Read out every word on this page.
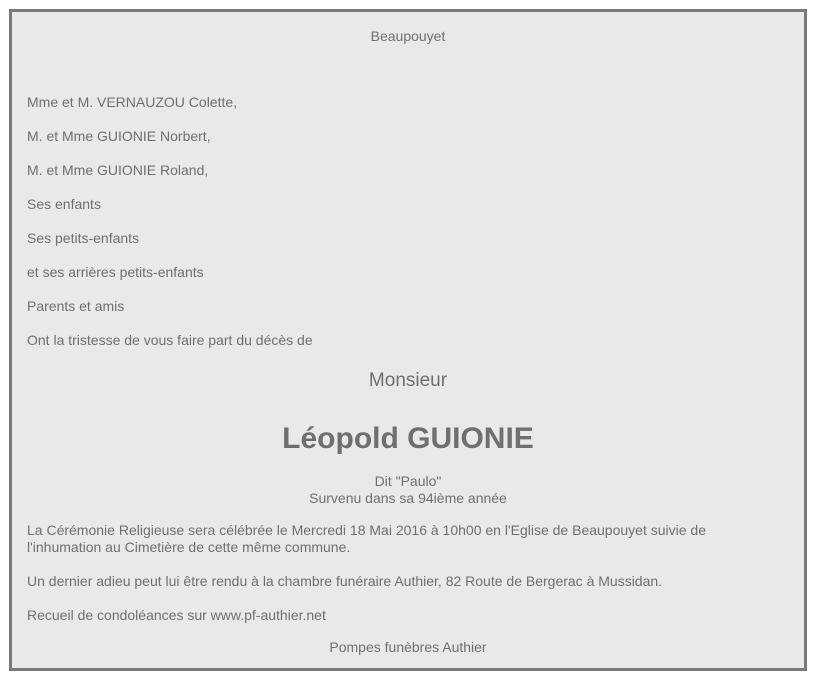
Beaupouyet
Mme et M. VERNAUZOU Colette,
M. et Mme GUIONIE Norbert,
M. et Mme GUIONIE Roland,
Ses enfants
Ses petits-enfants
et ses arrières petits-enfants
Parents et amis
Ont la tristesse de vous faire part du décès de
Monsieur
Léopold GUIONIE
Dit "Paulo"
Survenu dans sa 94ième année
La Cérémonie Religieuse sera célébrée le Mercredi 18 Mai 2016 à 10h00 en l'Eglise de Beaupouyet suivie de l'inhumation au Cimetière de cette même commune.
Un dernier adieu peut lui être rendu à la chambre funéraire Authier, 82 Route de Bergerac à Mussidan.
Recueil de condoléances sur www.pf-authier.net
Pompes funèbres Authier
